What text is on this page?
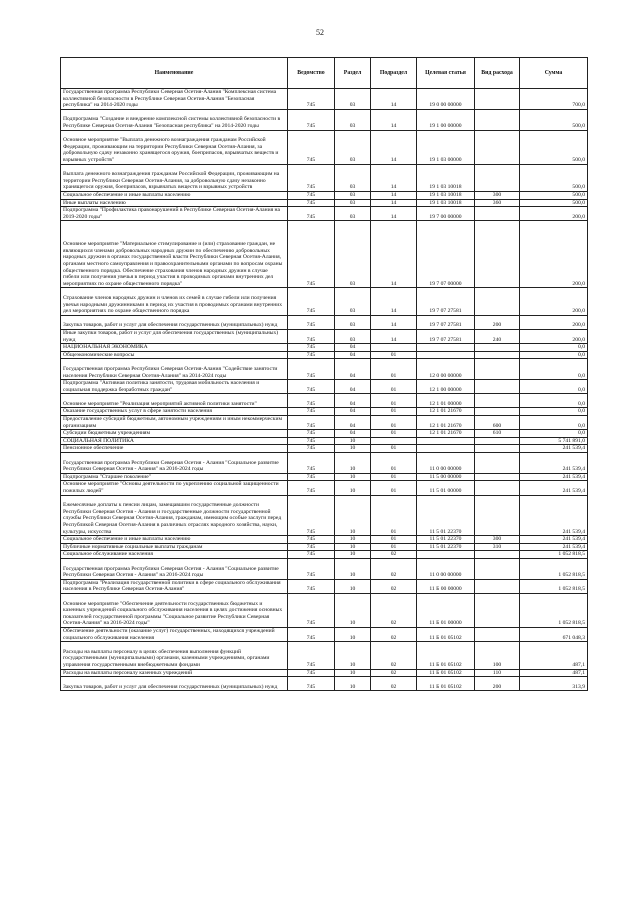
52
Наименование	Ведомство	Раздел	Подраздел	Целевая статья	Вид расхода	Сумма
Государственная программа Республики Северная Осетия-Алания "Комплексная система коллективной безопасности в Республике Северная Осетия-Алания "Безопасная республика" на 2014-2020 годы	745	03	14	19 0 00 00000		700,0
Подпрограмма "Создание и внедрение комплексной системы коллективной безопасности в Республике Северная Осетия-Алания "Безопасная республика" на 2014-2020 годы	745	03	14	19 1 00 00000		500,0
Основное мероприятие "Выплата денежного вознаграждения гражданам Российской Федерации, проживающим на территории Республики Северная Осетия-Алания, за добровольную сдачу незаконно хранящегося оружия, боеприпасов, взрывчатых веществ и взрывных устройств"	745	03	14	19 1 03 00000		500,0
Выплата денежного вознаграждения гражданам Российской Федерации, проживающим на территории Республики Северная Осетия-Алания, за добровольную сдачу незаконно хранящегося оружия, боеприпасов, взрывчатых веществ и взрывных устройств	745	03	14	19 1 03 10018		500,0
Социальное обеспечение и иные выплаты населению	745	03	14	19 1 03 10018	300	500,0
Иные выплаты населению	745	03	14	19 1 03 10018	360	500,0
Подпрограмма "Профилактика правонарушений в Республике Северная Осетия-Алания на 2019-2020 годы"	745	03	14	19 7 00 00000		200,0
Основное мероприятие "Материальное стимулирование и (или) страхование граждан, не являющихся членами добровольных народных дружин по обеспечению добровольных народных дружин в органах государственной власти Республики Северная Осетия-Алания, органами местного самоуправления и правоохранительными органами по вопросам охраны общественного порядка. Обеспечение страхования членов народных дружин в случае гибели или получения увечья в период участия в проводимых органами внутренних дел мероприятиях по охране общественного порядка"	745	03	14	19 7 07 00000		200,0
Страхование членов народных дружин и членов их семей в случае гибели или получения увечья народными дружинниками в период их участия в проводимых органами внутренних дел мероприятиях по охране общественного порядка	745	03	14	19 7 07 27581		200,0
Закупка товаров, работ и услуг для обеспечения государственных (муниципальных) нужд	745	03	14	19 7 07 27581	200	200,0
Иные закупки товаров, работ и услуг для обеспечения государственных (муниципальных) нужд	745	03	14	19 7 07 27581	240	200,0
НАЦИОНАЛЬНАЯ ЭКОНОМИКА	745	04				0,0
Общеэкономические вопросы	745	04	01			0,0
Государственная программа Республики Северная Осетия-Алания "Содействие занятости населения Республики Северная Осетия-Алания" на 2014-2024 годы	745	04	01	12 0 00 00000		0,0
Подпрограмма "Активная политика занятости, трудовая мобильность населения и социальная поддержка безработных граждан"	745	04	01	12 1 00 00000		0,0
Основное мероприятие "Реализация мероприятий активной политики занятости"	745	04	01	12 1 01 00000		0,0
Оказание государственных услуг в сфере занятости населения	745	04	01	12 1 01 21670		0,0
Предоставление субсидий бюджетным, автономным учреждениям и иным некоммерческим организациям	745	04	01	12 1 01 21670	600	0,0
Субсидии бюджетным учреждениям	745	04	01	12 1 01 21670	610	0,0
СОЦИАЛЬНАЯ ПОЛИТИКА	745	10				5 741 891,0
Пенсионное обеспечение	745	10	01			241 539,4
Государственная программа Республики Северная Осетия - Алания "Социальное развитие Республики Северная Осетия - Алания" на 2016-2024 годы	745	10	01	11 0 00 00000		241 539,4
Подпрограмма "Старшее поколение"	745	10	01	11 5 00 00000		241 539,4
Основное мероприятие "Основы деятельности по укреплению социальной защищенности пожилых людей"	745	10	01	11 5 01 00000		241 539,4
Ежемесячные доплаты к пенсии лицам, замещавшим государственные должности Республики Северная Осетия - Алания и государственные должности государственной службы Республики Северная Осетия-Алания, гражданам, имеющим особые заслуги перед Республикой Северная Осетия-Алания в различных отраслях народного хозяйства, науки, культуры, искусства	745	10	01	11 5 01 22370		241 539,4
Социальное обеспечение и иные выплаты населению	745	10	01	11 5 01 22370	300	241 539,4
Публичные нормативные социальные выплаты гражданам	745	10	01	11 5 01 22370	310	241 539,4
Социальное обслуживание населения	745	10	02			1 052 818,5
Государственная программа Республики Северная Осетия - Алания "Социальное развитие Республики Северная Осетия - Алания" на 2016-2024 годы	745	10	02	11 0 00 00000		1 052 818,5
Подпрограмма "Реализация государственной политики в сфере социального обслуживания населения в Республике Северная Осетия-Алания"	745	10	02	11 Б 00 00000		1 052 818,5
Основное мероприятие "Обеспечение деятельности государственных бюджетных и казенных учреждений социального обслуживания населения в целях достижения основных показателей государственной программы "Социальное развитие Республики Северная Осетия-Алания" на 2016-2024 годы"	745	10	02	11 Б 01 00000		1 052 818,5
Обеспечение деятельности (оказание услуг) государственных, находящихся учреждений социального обслуживания населения	745	10	02	11 Б 01 05102		671 048,3
Расходы на выплаты персоналу в целях обеспечения выполнения функций государственными (муниципальными) органами, казенными учреждениями, органами управления государственными внебюджетными фондами	745	10	02	11 Б 01 05102	100	487,1
Расходы на выплаты персоналу казенных учреждений	745	10	02	11 Б 01 05102	110	487,1
Закупка товаров, работ и услуг для обеспечения государственных (муниципальных) нужд	745	10	02	11 Б 01 05102	200	313,9
